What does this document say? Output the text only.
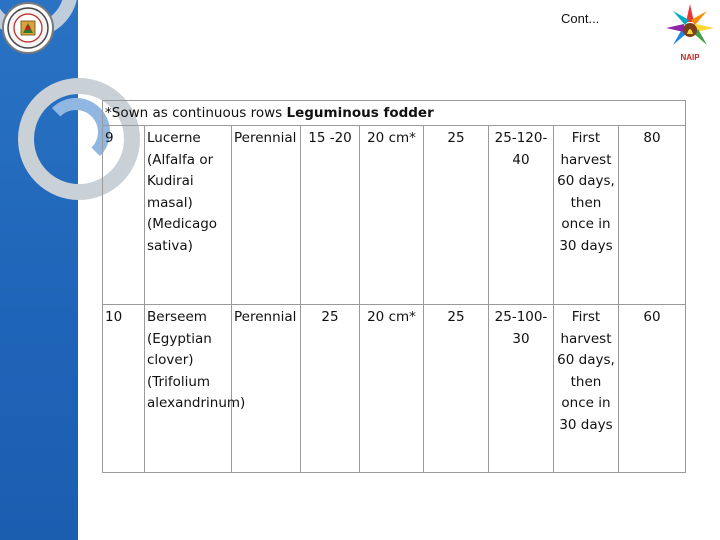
Cont...
NAIP
*Sown as continuous rows Leguminous fodder								
9	Lucerne (Alfalfa or Kudirai masal) (Medicago sativa)	Perennial	15 -20	20 cm*	25	25-120-40	First harvest 60 days, then once in 30 days	80
10	Berseem (Egyptian clover) (Trifolium alexandrinum)	Perennial	25	20 cm*	25	25-100-30	First harvest 60 days, then once in 30 days	60
